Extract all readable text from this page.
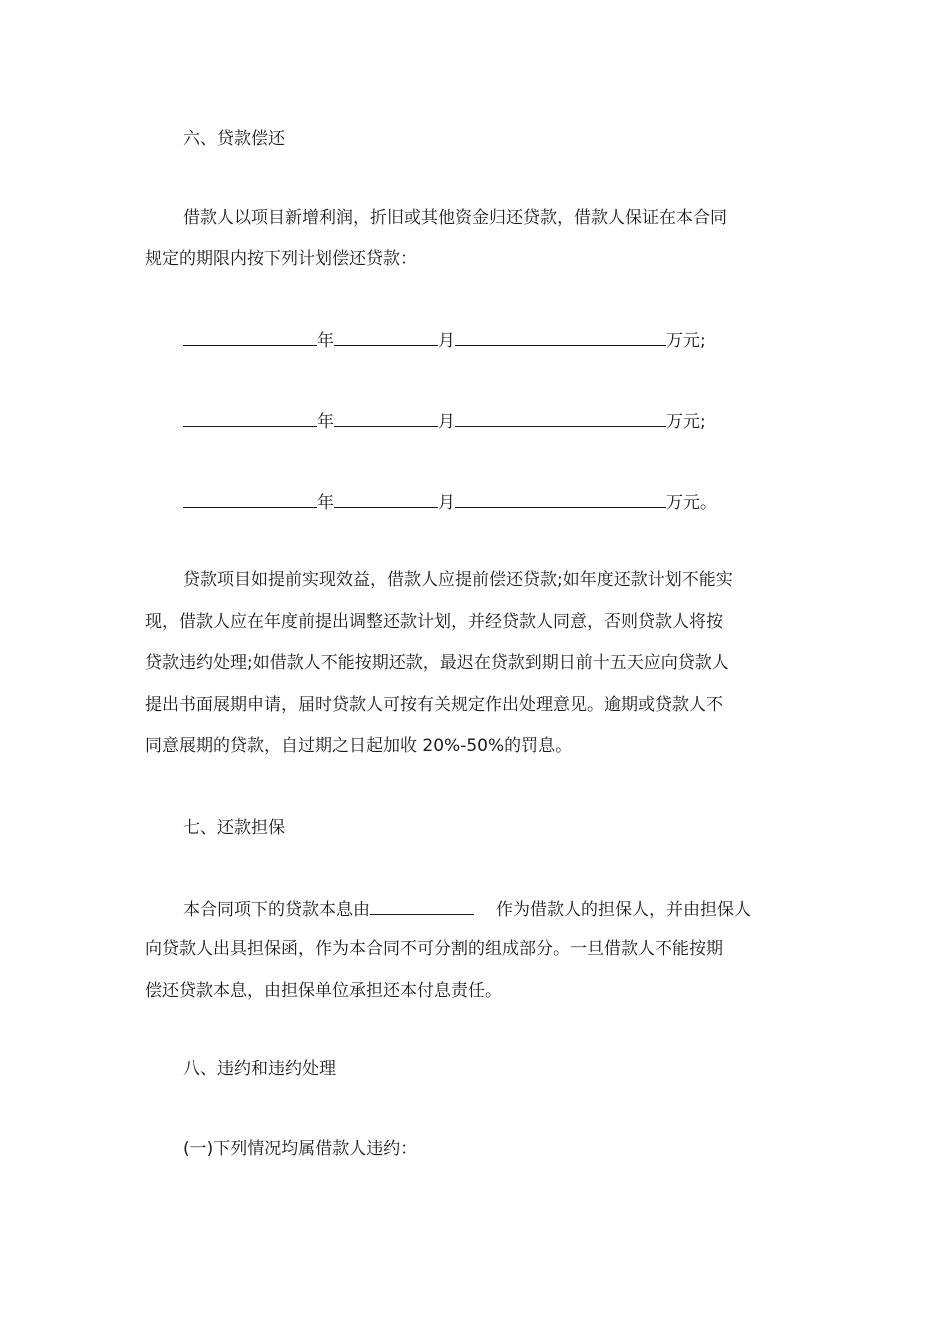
六、贷款偿还
借款人以项目新增利润，折旧或其他资金归还贷款，借款人保证在本合同
规定的期限内按下列计划偿还贷款：
年	月	万元;
年	月	万元;
年	月	万元。
贷款项目如提前实现效益，借款人应提前偿还贷款;如年度还款计划不能实
现，借款人应在年度前提出调整还款计划，并经贷款人同意，否则贷款人将按
贷款违约处理;如借款人不能按期还款，最迟在贷款到期日前十五天应向贷款人
提出书面展期申请，届时贷款人可按有关规定作出处理意见。逾期或贷款人不
同意展期的贷款，自过期之日起加收 20%-50%的罚息。
七、还款担保
本合同项下的贷款本息由	作为借款人的担保人，并由担保人
向贷款人出具担保函，作为本合同不可分割的组成部分。一旦借款人不能按期
偿还贷款本息，由担保单位承担还本付息责任。
八、违约和违约处理
(一)下列情况均属借款人违约：
